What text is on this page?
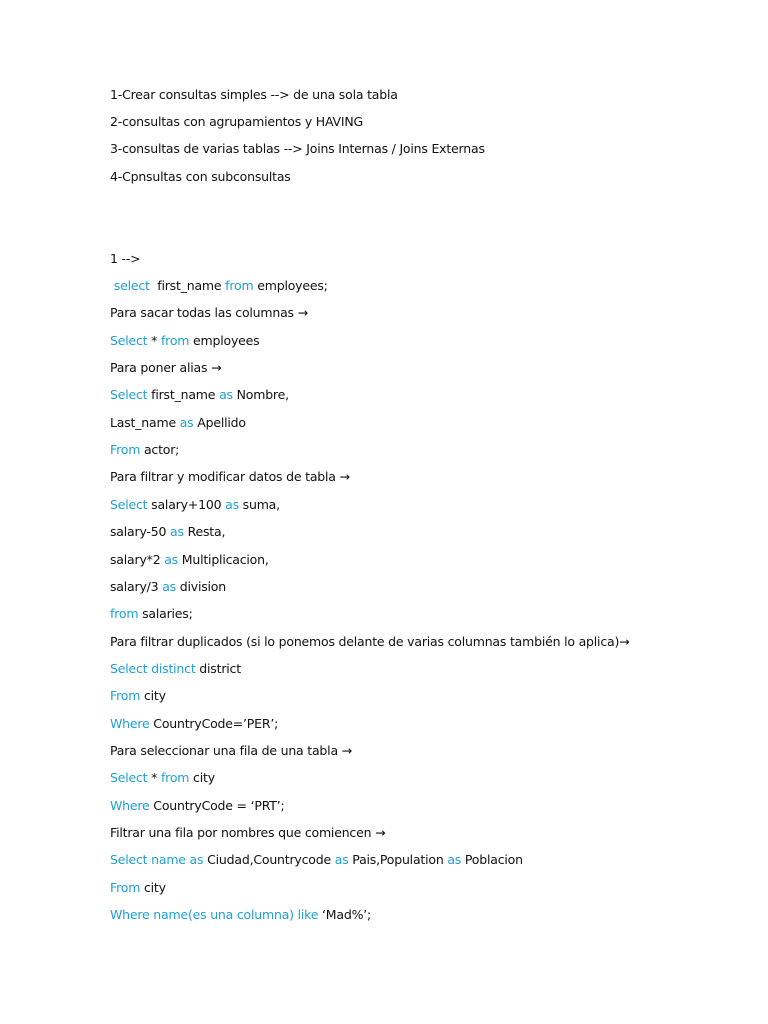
1-Crear consultas simples --> de una sola tabla
2-consultas con agrupamientos y HAVING
3-consultas de varias tablas --> Joins Internas / Joins Externas
4-Cpnsultas con subconsultas
1 -->
select  first_name from employees;
Para sacar todas las columnas →
Select * from employees
Para poner alias →
Select first_name as Nombre,
Last_name as Apellido
From actor;
Para filtrar y modificar datos de tabla →
Select salary+100 as suma,
salary-50 as Resta,
salary*2 as Multiplicacion,
salary/3 as division
from salaries;
Para filtrar duplicados (si lo ponemos delante de varias columnas también lo aplica)→
Select distinct district
From city
Where CountryCode=’PER’;
Para seleccionar una fila de una tabla →
Select * from city
Where CountryCode = ‘PRT’;
Filtrar una fila por nombres que comiencen →
Select name as Ciudad,Countrycode as Pais,Population as Poblacion
From city
Where name(es una columna) like ‘Mad%’;
